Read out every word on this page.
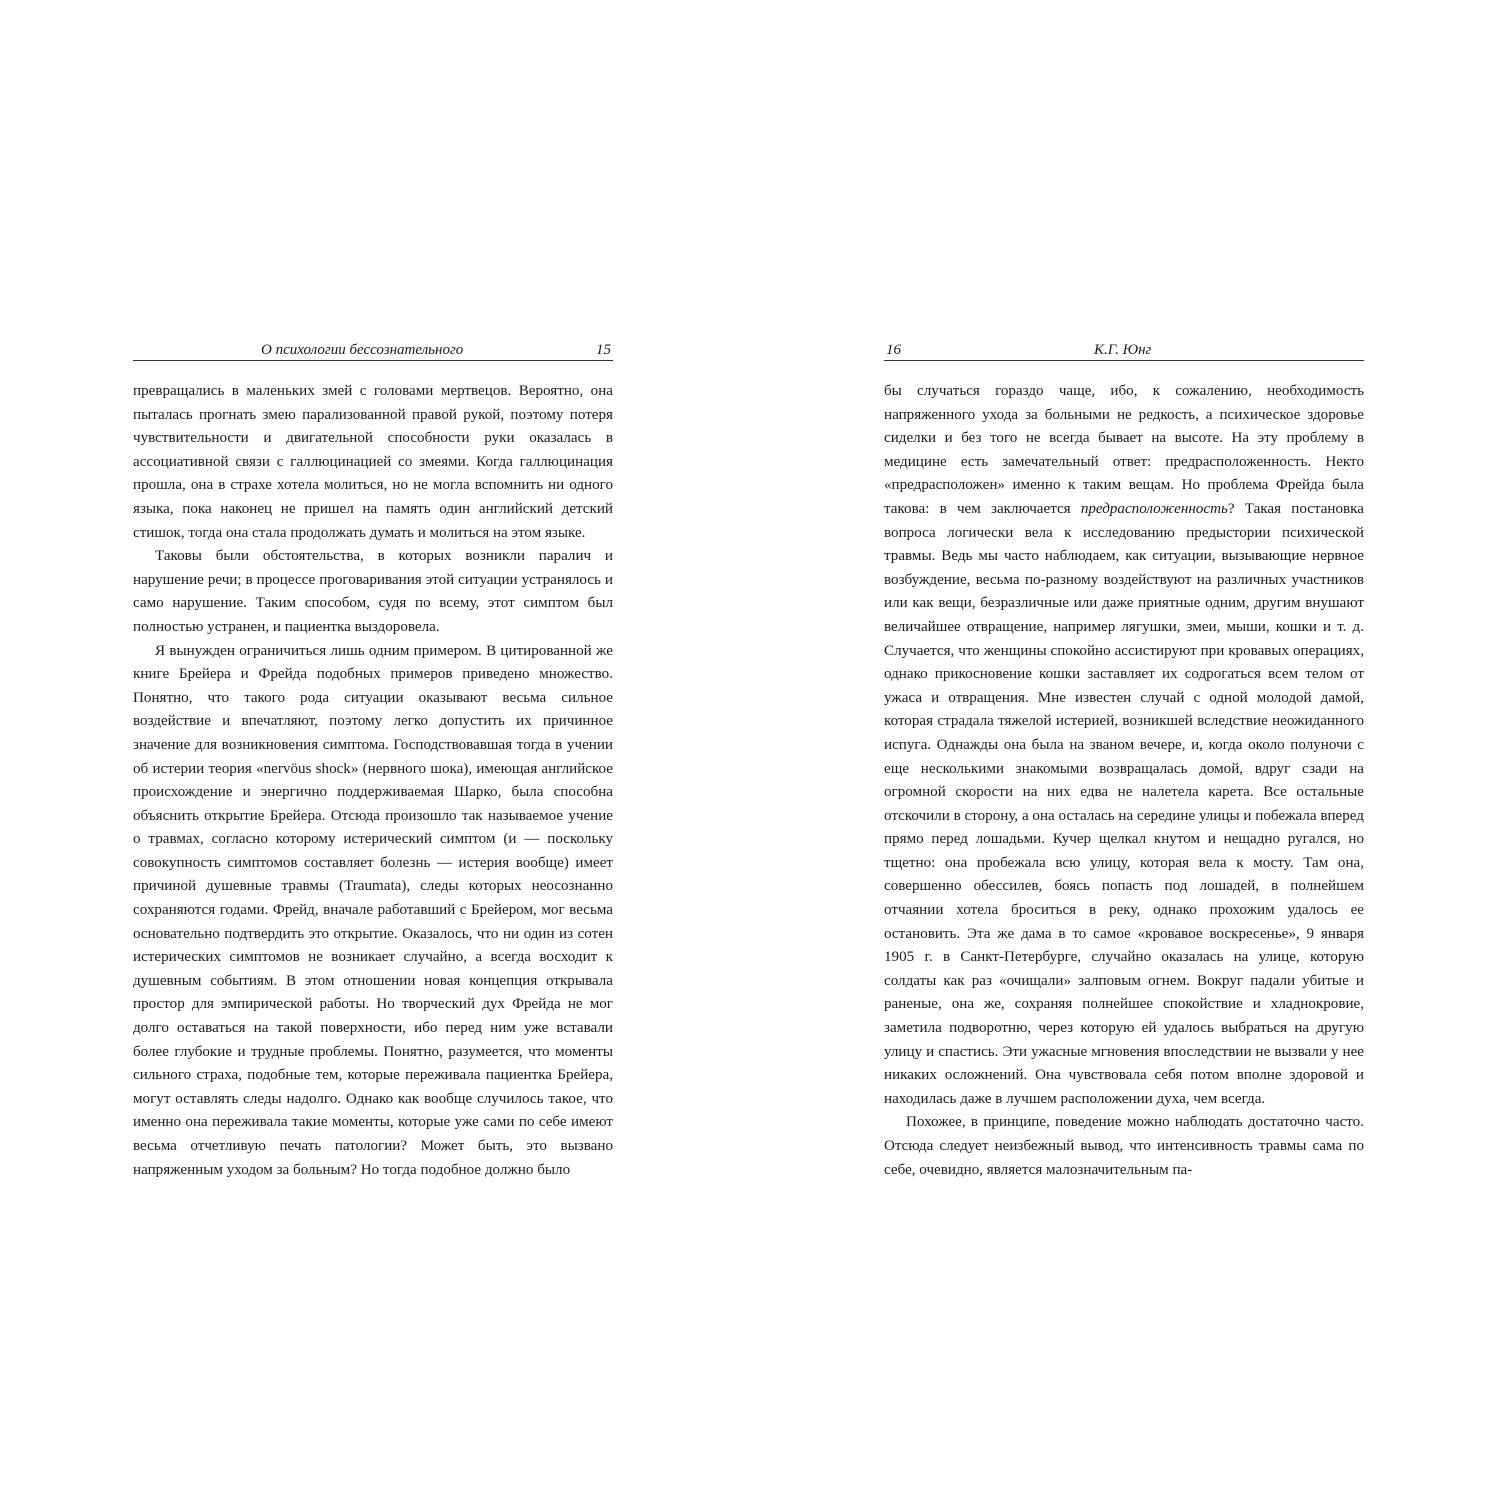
О психологии бессознательного	15

превращались в маленьких змей с головами мертвецов. Вероятно, она пыталась прогнать змею парализованной правой рукой, поэтому потеря чувствительности и двигательной способности руки оказалась в ассоциативной связи с галлюцинацией со змеями. Когда галлюцинация прошла, она в страхе хотела молиться, но не могла вспомнить ни одного языка, пока наконец не пришел на память один английский детский стишок, тогда она стала продолжать думать и молиться на этом языке.

Таковы были обстоятельства, в которых возникли паралич и нарушение речи; в процессе проговаривания этой ситуации устранялось и само нарушение. Таким способом, судя по всему, этот симптом был полностью устранен, и пациентка выздоровела.

Я вынужден ограничиться лишь одним примером. В цитированной же книге Брейера и Фрейда подобных примеров приведено множество. Понятно, что такого рода ситуации оказывают весьма сильное воздействие и впечатляют, поэтому легко допустить их причинное значение для возникновения симптома. Господствовавшая тогда в учении об истерии теория «nervöus shock» (нервного шока), имеющая английское происхождение и энергично поддерживаемая Шарко, была способна объяснить открытие Брейера. Отсюда произошло так называемое учение о травмах, согласно которому истерический симптом (и — поскольку совокупность симптомов составляет болезнь — истерия вообще) имеет причиной душевные травмы (Traumata), следы которых неосознанно сохраняются годами. Фрейд, вначале работавший с Брейером, мог весьма основательно подтвердить это открытие. Оказалось, что ни один из сотен истерических симптомов не возникает случайно, а всегда восходит к душевным событиям. В этом отношении новая концепция открывала простор для эмпирической работы. Но творческий дух Фрейда не мог долго оставаться на такой поверхности, ибо перед ним уже вставали более глубокие и трудные проблемы. Понятно, разумеется, что моменты сильного страха, подобные тем, которые переживала пациентка Брейера, могут оставлять следы надолго. Однако как вообще случилось такое, что именно она переживала такие моменты, которые уже сами по себе имеют весьма отчетливую печать патологии? Может быть, это вызвано напряженным уходом за больным? Но тогда подобное должно было

16	К.Г. Юнг

бы случаться гораздо чаще, ибо, к сожалению, необходимость напряженного ухода за больными не редкость, а психическое здоровье сиделки и без того не всегда бывает на высоте. На эту проблему в медицине есть замечательный ответ: предрасположенность. Некто «предрасположен» именно к таким вещам. Но проблема Фрейда была такова: в чем заключается предрасположенность? Такая постановка вопроса логически вела к исследованию предыстории психической травмы. Ведь мы часто наблюдаем, как ситуации, вызывающие нервное возбуждение, весьма по-разному воздействуют на различных участников или как вещи, безразличные или даже приятные одним, другим внушают величайшее отвращение, например лягушки, змеи, мыши, кошки и т. д. Случается, что женщины спокойно ассистируют при кровавых операциях, однако прикосновение кошки заставляет их содрогаться всем телом от ужаса и отвращения. Мне известен случай с одной молодой дамой, которая страдала тяжелой истерией, возникшей вследствие неожиданного испуга. Однажды она была на званом вечере, и, когда около полуночи с еще несколькими знакомыми возвращалась домой, вдруг сзади на огромной скорости на них едва не налетела карета. Все остальные отскочили в сторону, а она осталась на середине улицы и побежала вперед прямо перед лошадьми. Кучер щелкал кнутом и нещадно ругался, но тщетно: она пробежала всю улицу, которая вела к мосту. Там она, совершенно обессилев, боясь попасть под лошадей, в полнейшем отчаянии хотела броситься в реку, однако прохожим удалось ее остановить. Эта же дама в то самое «кровавое воскресенье», 9 января 1905 г. в Санкт-Петербурге, случайно оказалась на улице, которую солдаты как раз «очищали» залповым огнем. Вокруг падали убитые и раненые, она же, сохраняя полнейшее спокойствие и хладнокровие, заметила подворотню, через которую ей удалось выбраться на другую улицу и спастись. Эти ужасные мгновения впоследствии не вызвали у нее никаких осложнений. Она чувствовала себя потом вполне здоровой и находилась даже в лучшем расположении духа, чем всегда.

Похожее, в принципе, поведение можно наблюдать достаточно часто. Отсюда следует неизбежный вывод, что интенсивность травмы сама по себе, очевидно, является малозначительным па-
